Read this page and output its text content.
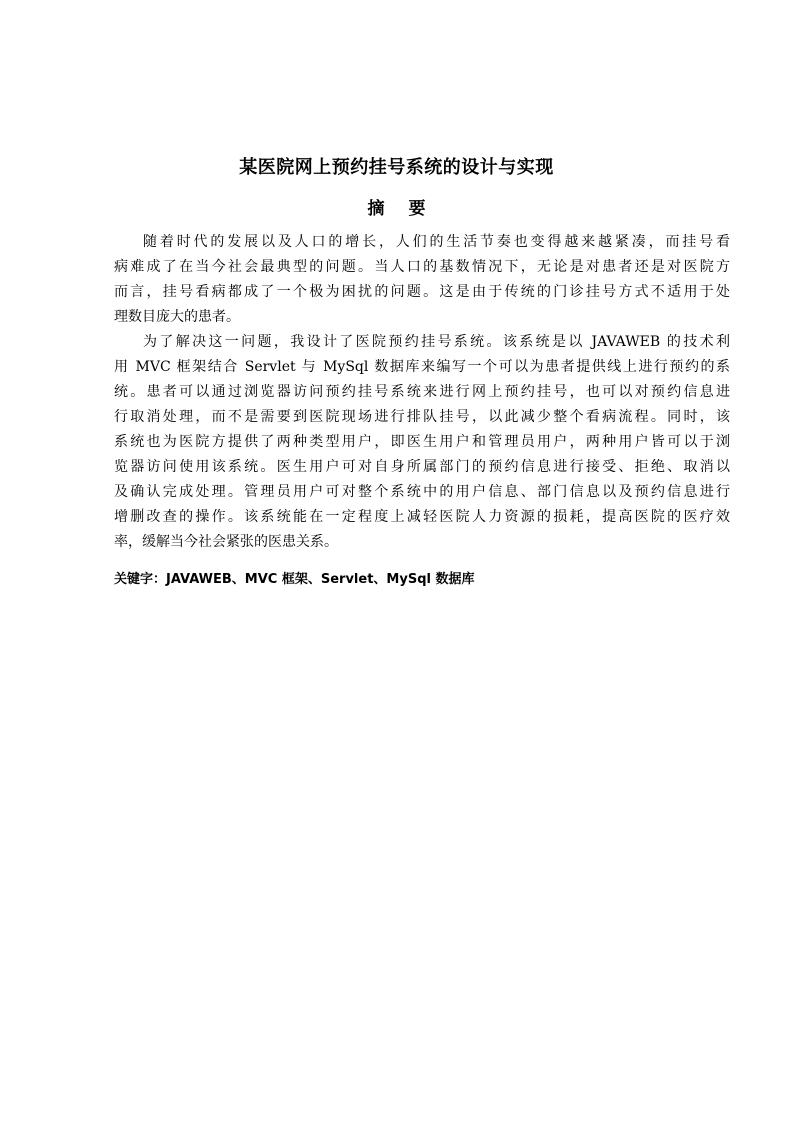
某医院网上预约挂号系统的设计与实现
摘 要
随着时代的发展以及人口的增长，人们的生活节奏也变得越来越紧凑，而挂号看
病难成了在当今社会最典型的问题。当人口的基数情况下，无论是对患者还是对医院方
而言，挂号看病都成了一个极为困扰的问题。这是由于传统的门诊挂号方式不适用于处
理数目庞大的患者。
为了解决这一问题，我设计了医院预约挂号系统。该系统是以 JAVAWEB 的技术利
用 MVC 框架结合 Servlet 与 MySql 数据库来编写一个可以为患者提供线上进行预约的系
统。患者可以通过浏览器访问预约挂号系统来进行网上预约挂号，也可以对预约信息进
行取消处理，而不是需要到医院现场进行排队挂号，以此减少整个看病流程。同时，该
系统也为医院方提供了两种类型用户，即医生用户和管理员用户，两种用户皆可以于浏
览器访问使用该系统。医生用户可对自身所属部门的预约信息进行接受、拒绝、取消以
及确认完成处理。管理员用户可对整个系统中的用户信息、部门信息以及预约信息进行
增删改查的操作。该系统能在一定程度上减轻医院人力资源的损耗，提高医院的医疗效
率，缓解当今社会紧张的医患关系。
关键字：JAVAWEB、MVC 框架、Servlet、MySql 数据库
